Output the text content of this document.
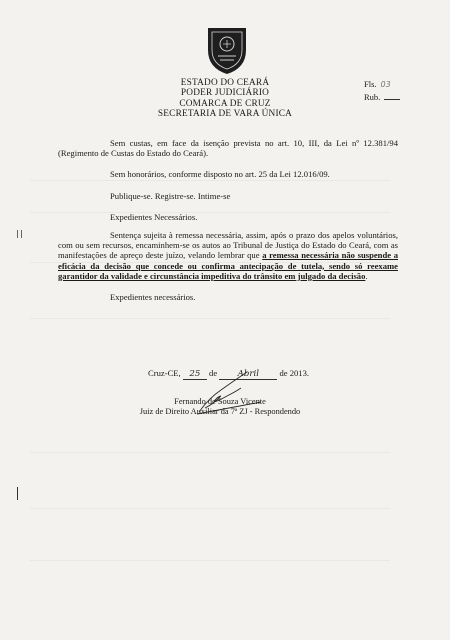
ESTADO DO CEARÁ
PODER JUDICIÁRIO
COMARCA DE CRUZ
SECRETARIA DE VARA ÚNICA
Fls. 03
Rub.

Sem custas, em face da isenção prevista no art. 10, III, da Lei nº 12.381/94 (Regimento de Custas do Estado do Ceará).

Sem honorários, conforme disposto no art. 25 da Lei 12.016/09.

Publique-se. Registre-se. Intime-se

Expedientes Necessários.

Sentença sujeita à remessa necessária, assim, após o prazo dos apelos voluntários, com ou sem recursos, encaminhem-se os autos ao Tribunal de Justiça do Estado do Ceará, com as manifestações de apreço deste juízo, velando lembrar que a remessa necessária não suspende a eficácia da decisão que concede ou confirma antecipação de tutela, sendo só reexame garantidor da validade e circunstância impeditiva do trânsito em julgado da decisão.

Expedientes necessários.

Cruz-CE, 25 de Abril de 2013.
Fernando de Souza Vicente
Juiz de Direito Auxiliar da 7ª ZJ - Respondendo
